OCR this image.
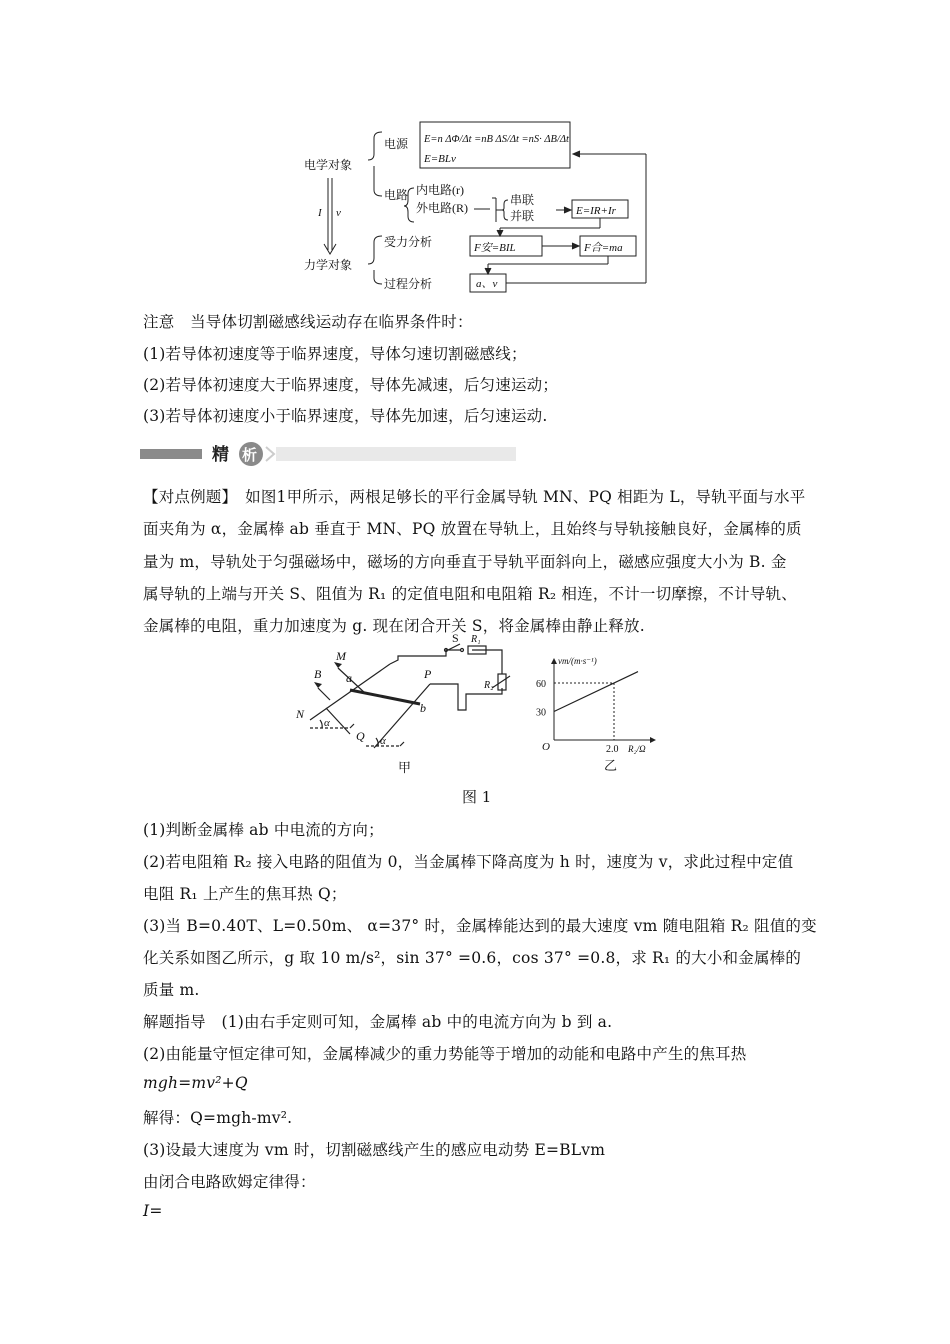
电学对象
力学对象
电源
电路
受力分析
过程分析
内电路(r)
外电路(R)
串联
并联
E=n ΔΦ/Δt =nB ΔS/Δt =nS· ΔB/Δt
E=BLv
E=IR+Ir
F安=BIL	F合=ma
a、v
I v
注意　当导体切割磁感线运动存在临界条件时：
(1)若导体初速度等于临界速度，导体匀速切割磁感线；
(2)若导体初速度大于临界速度，导体先减速，后匀速运动；
(3)若导体初速度小于临界速度，导体先加速，后匀速运动.
精 析
【对点例题】　如图1甲所示，两根足够长的平行金属导轨 MN、PQ 相距为 L，导轨平面与水平
面夹角为 α，金属棒 ab 垂直于 MN、PQ 放置在导轨上，且始终与导轨接触良好，金属棒的质
量为 m，导轨处于匀强磁场中，磁场的方向垂直于导轨平面斜向上，磁感应强度大小为 B. 金
属导轨的上端与开关 S、阻值为 R₁ 的定值电阻和电阻箱 R₂ 相连，不计一切摩擦，不计导轨、
金属棒的电阻，重力加速度为 g. 现在闭合开关 S，将金属棒由静止释放.
B
M
a
S R₁
R₂
P
b
N
Q
α
α
甲
vm/(m·s⁻¹)
R₂/Ω
O
30
60
2.0
乙
图 1
(1)判断金属棒 ab 中电流的方向；
(2)若电阻箱 R₂ 接入电路的阻值为 0，当金属棒下降高度为 h 时，速度为 v，求此过程中定值
电阻 R₁ 上产生的焦耳热 Q；
(3)当 B=0.40T、L=0.50m、 α=37° 时，金属棒能达到的最大速度 vm 随电阻箱 R₂ 阻值的变
化关系如图乙所示，g 取 10 m/s²，sin 37° =0.6，cos 37° =0.8，求 R₁ 的大小和金属棒的
质量 m.
解题指导　(1)由右手定则可知，金属棒 ab 中的电流方向为 b 到 a.
(2)由能量守恒定律可知，金属棒减少的重力势能等于增加的动能和电路中产生的焦耳热
mgh=mv²+Q
解得：Q=mgh-mv².
(3)设最大速度为 vm 时，切割磁感线产生的感应电动势 E=BLvm
由闭合电路欧姆定律得：
I=
